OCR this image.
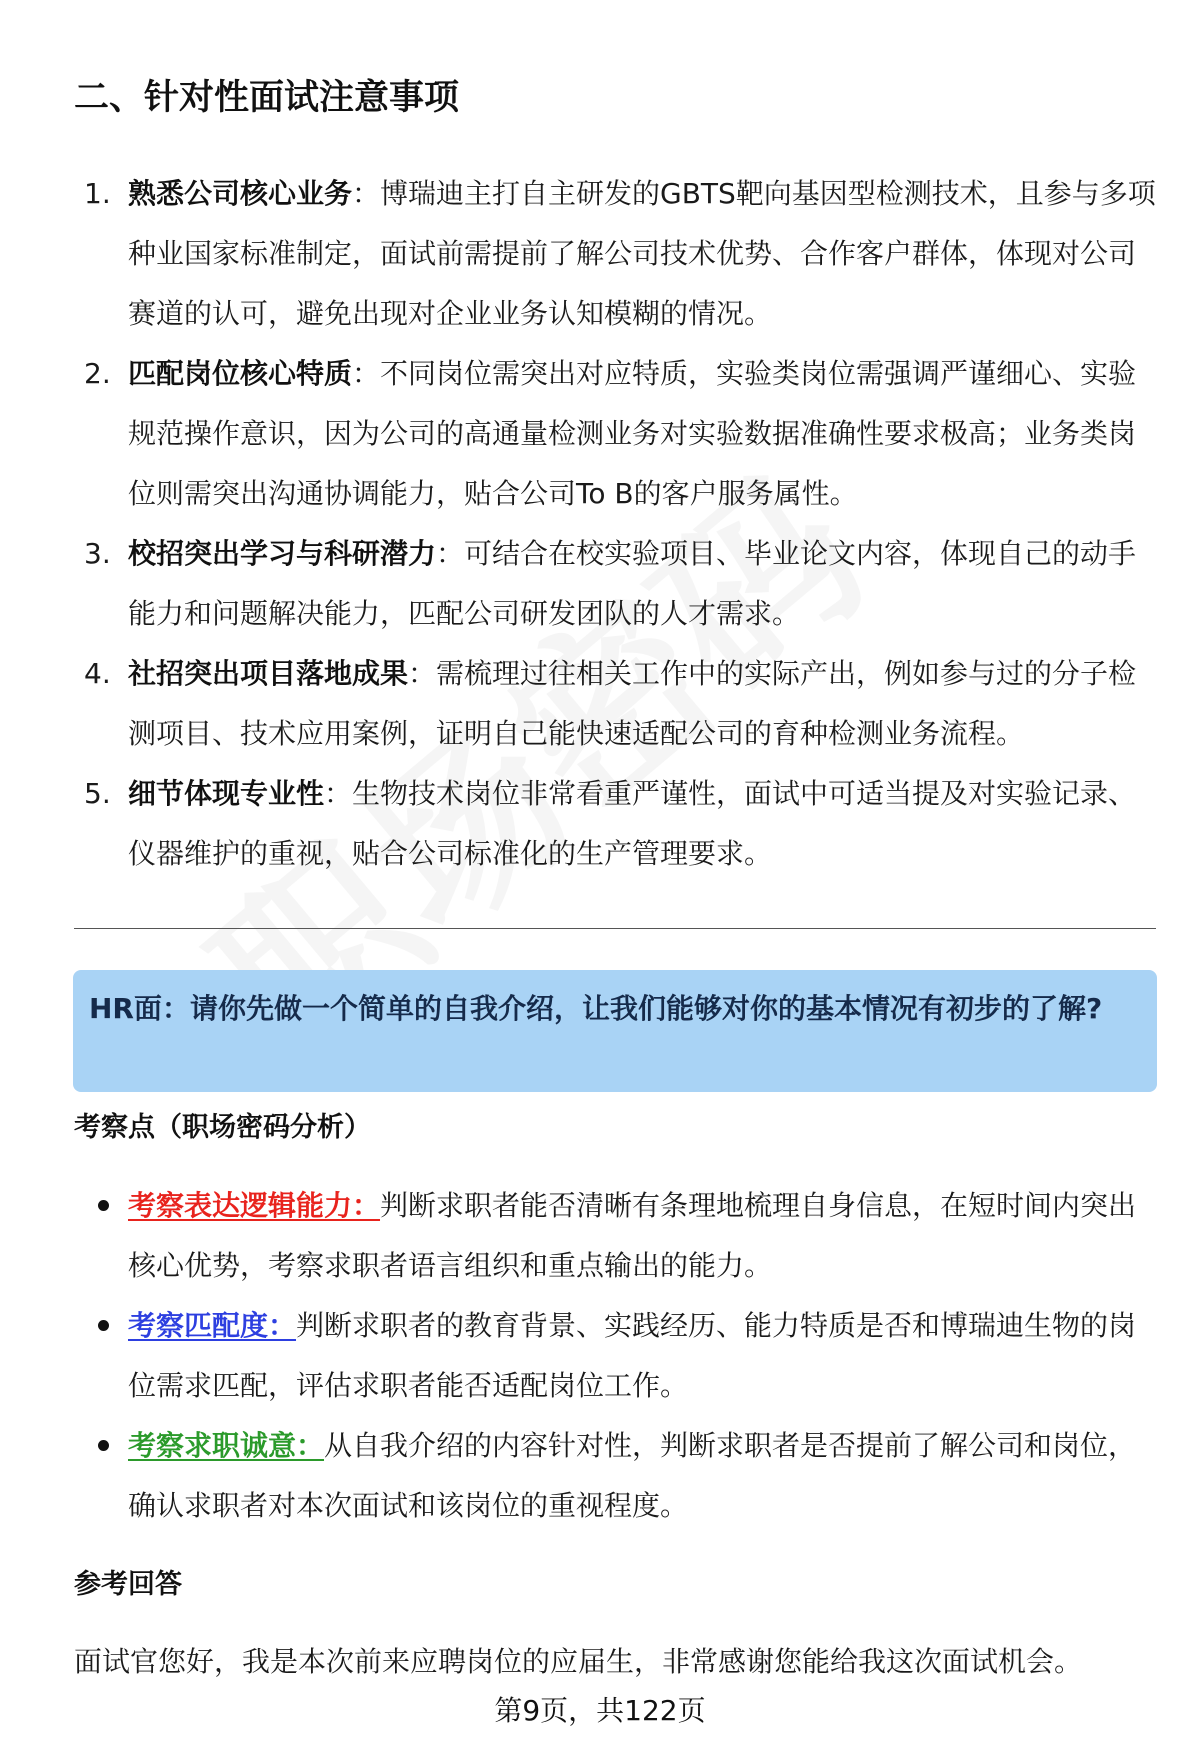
二、针对性面试注意事项
1. 熟悉公司核心业务：博瑞迪主打自主研发的GBTS靶向基因型检测技术，且参与多项种业国家标准制定，面试前需提前了解公司技术优势、合作客户群体，体现对公司赛道的认可，避免出现对企业业务认知模糊的情况。
2. 匹配岗位核心特质：不同岗位需突出对应特质，实验类岗位需强调严谨细心、实验规范操作意识，因为公司的高通量检测业务对实验数据准确性要求极高；业务类岗位则需突出沟通协调能力，贴合公司To B的客户服务属性。
3. 校招突出学习与科研潜力：可结合在校实验项目、毕业论文内容，体现自己的动手能力和问题解决能力，匹配公司研发团队的人才需求。
4. 社招突出项目落地成果：需梳理过往相关工作中的实际产出，例如参与过的分子检测项目、技术应用案例，证明自己能快速适配公司的育种检测业务流程。
5. 细节体现专业性：生物技术岗位非常看重严谨性，面试中可适当提及对实验记录、仪器维护的重视，贴合公司标准化的生产管理要求。
HR面：请你先做一个简单的自我介绍，让我们能够对你的基本情况有初步的了解?
考察点（职场密码分析）
考察表达逻辑能力：判断求职者能否清晰有条理地梳理自身信息，在短时间内突出核心优势，考察求职者语言组织和重点输出的能力。
考察匹配度：判断求职者的教育背景、实践经历、能力特质是否和博瑞迪生物的岗位需求匹配，评估求职者能否适配岗位工作。
考察求职诚意：从自我介绍的内容针对性，判断求职者是否提前了解公司和岗位，确认求职者对本次面试和该岗位的重视程度。
参考回答
面试官您好，我是本次前来应聘岗位的应届生，非常感谢您能给我这次面试机会。
第9页，共122页
